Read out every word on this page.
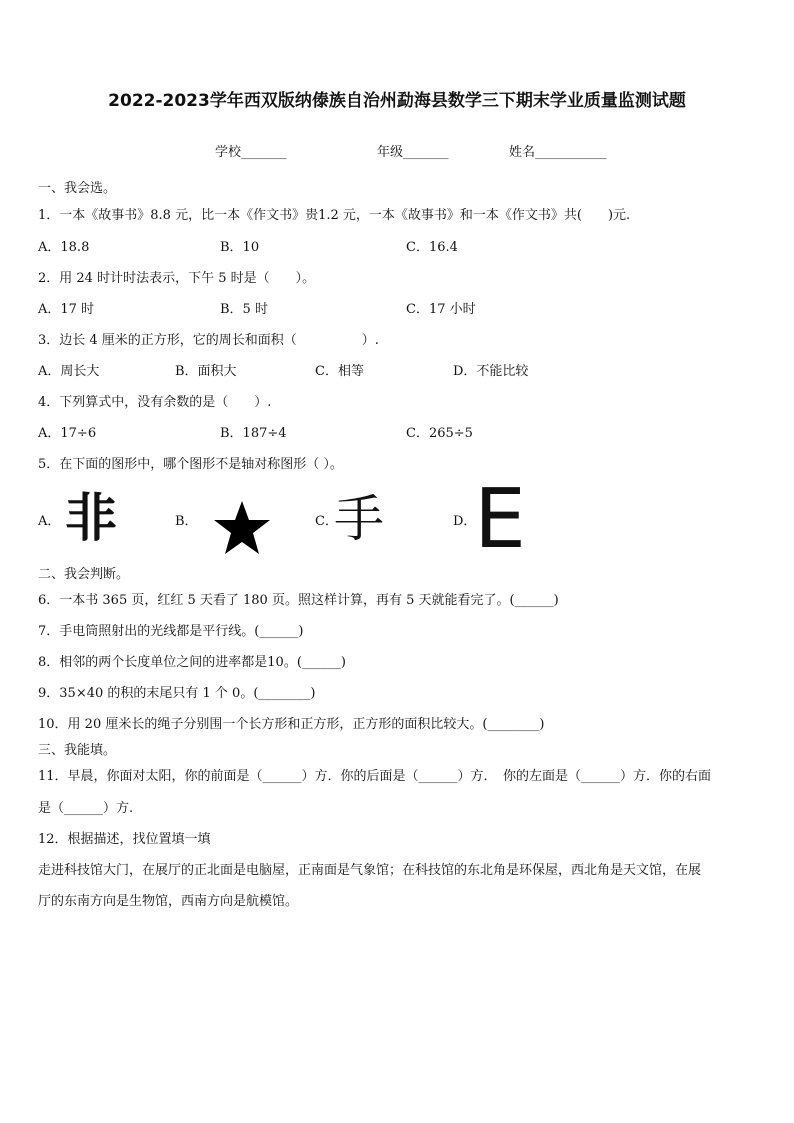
2022-2023学年西双版纳傣族自治州勐海县数学三下期末学业质量监测试题
学校_______	年级_______	姓名___________
一、我会选。
1．一本《故事书》8.8 元，比一本《作文书》贵1.2 元，一本《故事书》和一本《作文书》共(　　)元.
A．18.8	B．10	C．16.4
2．用 24 时计时法表示，下午 5 时是（　　）。
A．17 时	B．5 时	C．17 小时
3．边长 4 厘米的正方形，它的周长和面积（　　　　　）.
A．周长大	B．面积大	C．相等	D．不能比较
4．下列算式中，没有余数的是（　　）.
A．17÷6	B．187÷4	C．265÷5
5．在下面的图形中，哪个图形不是轴对称图形（ ）。
A． 非	B．	C．
手	D．
E
二、我会判断。
6．一本书 365 页，红红 5 天看了 180 页。照这样计算，再有 5 天就能看完了。(______)
7．手电筒照射出的光线都是平行线。(______)
8．相邻的两个长度单位之间的进率都是10。(______)
9．35×40 的积的末尾只有 1 个 0。(________)
10．用 20 厘米长的绳子分别围一个长方形和正方形，正方形的面积比较大。(________)
三、我能填。
11．早晨，你面对太阳，你的前面是（______）方．你的后面是（______）方．　你的左面是（______）方．你的右面
是（______）方.
12．根据描述，找位置填一填
走进科技馆大门，在展厅的正北面是电脑屋，正南面是气象馆；在科技馆的东北角是环保屋，西北角是天文馆，在展
厅的东南方向是生物馆，西南方向是航模馆。
